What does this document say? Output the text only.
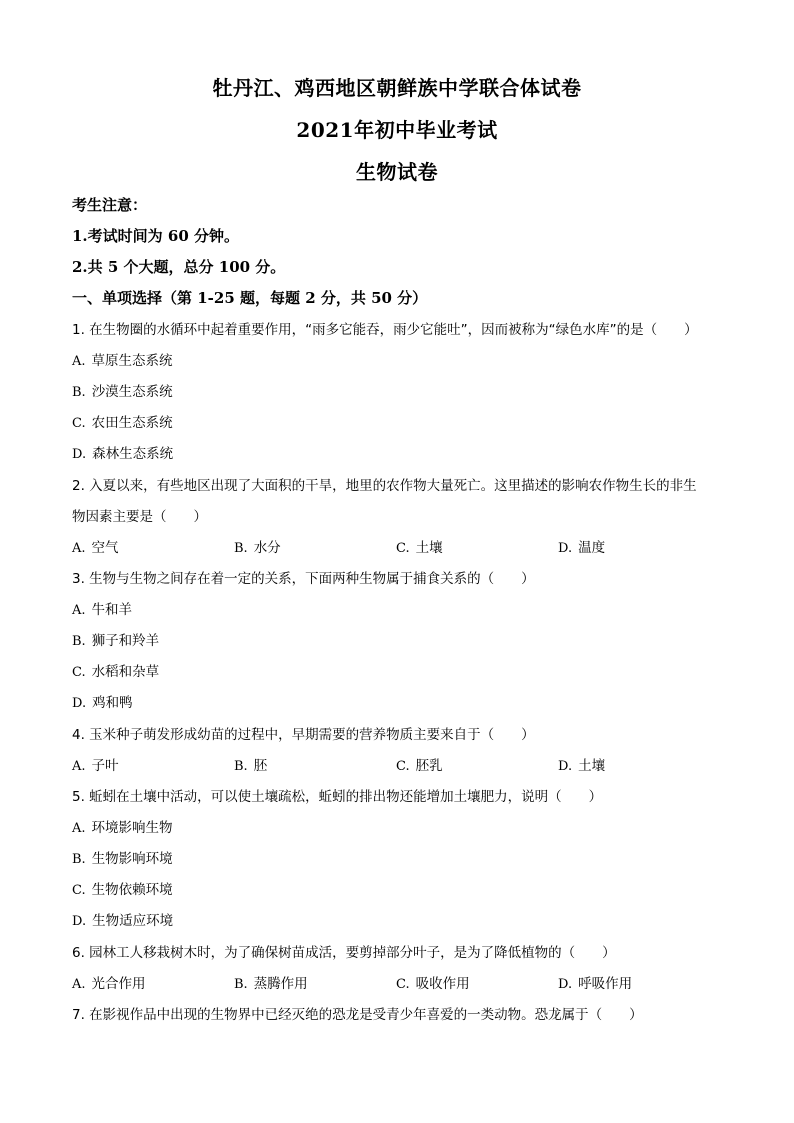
牡丹江、鸡西地区朝鲜族中学联合体试卷
2021年初中毕业考试
生物试卷
考生注意：
1.考试时间为 60 分钟。
2.共 5 个大题，总分 100 分。
一、单项选择（第 1-25 题，每题 2 分，共 50 分）
1. 在生物圈的水循环中起着重要作用，“雨多它能吞，雨少它能吐”，因而被称为“绿色水库”的是（　　）
A. 草原生态系统
B. 沙漠生态系统
C. 农田生态系统
D. 森林生态系统
2. 入夏以来，有些地区出现了大面积的干旱，地里的农作物大量死亡。这里描述的影响农作物生长的非生
物因素主要是（　　）
A. 空气	B. 水分	C. 土壤	D. 温度
3. 生物与生物之间存在着一定的关系，下面两种生物属于捕食关系的（　　）
A. 牛和羊
B. 狮子和羚羊
C. 水稻和杂草
D. 鸡和鸭
4. 玉米种子萌发形成幼苗的过程中，早期需要的营养物质主要来自于（　　）
A. 子叶	B. 胚	C. 胚乳	D. 土壤
5. 蚯蚓在土壤中活动，可以使土壤疏松，蚯蚓的排出物还能增加土壤肥力，说明（　　）
A. 环境影响生物
B. 生物影响环境
C. 生物依赖环境
D. 生物适应环境
6. 园林工人移栽树木时，为了确保树苗成活，要剪掉部分叶子，是为了降低植物的（　　）
A. 光合作用	B. 蒸腾作用	C. 吸收作用	D. 呼吸作用
7. 在影视作品中出现的生物界中已经灭绝的恐龙是受青少年喜爱的一类动物。恐龙属于（　　）
